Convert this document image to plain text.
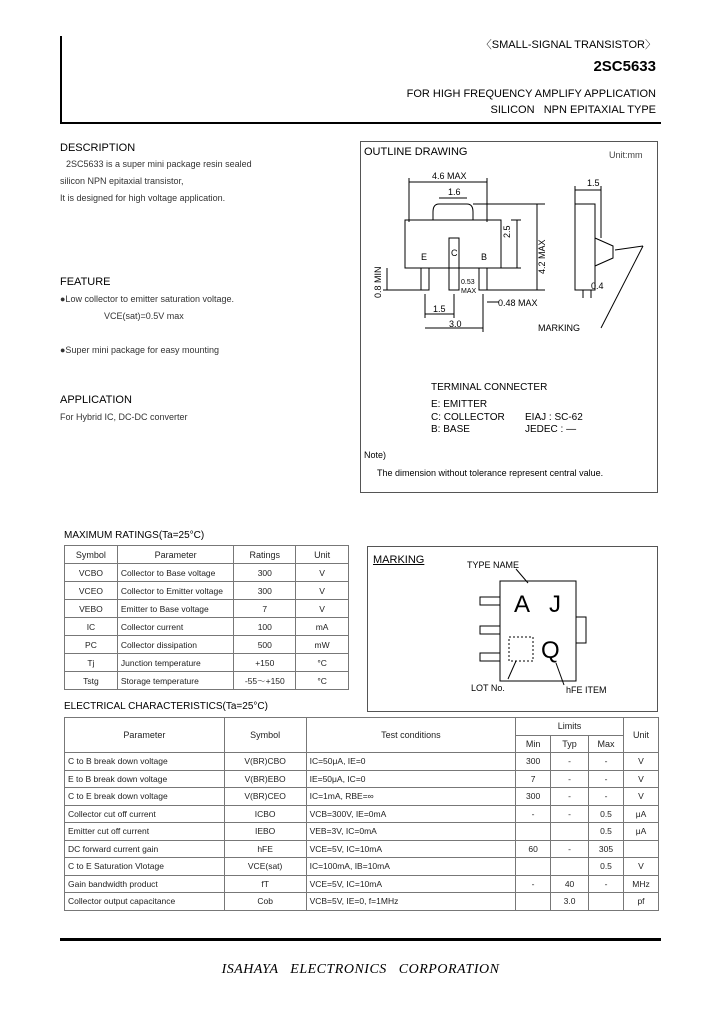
〈SMALL-SIGNAL TRANSISTOR〉
2SC5633
FOR HIGH FREQUENCY AMPLIFY APPLICATION
SILICON   NPN EPITAXIAL TYPE
DESCRIPTION
2SC5633 is a super mini package resin sealed
silicon NPN epitaxial transistor,
It is designed for high voltage application.
FEATURE
●Low collector to emitter saturation voltage.
VCE(sat)=0.5V max
●Super mini package for easy mounting
APPLICATION
For Hybrid IC, DC-DC converter
OUTLINE DRAWING	Unit:mm
4.6 MAX
1.6
1.5
2.5
4.2 MAX
0.8 MIN
E	C	B
0.53
MAX
0.48 MAX
0.4
1.5
3.0	MARKING
TERMINAL CONNECTER
E: EMITTER
C: COLLECTOR
B: BASE
EIAJ : SC-62
JEDEC : ―
Note)
The dimension without tolerance represent central value.
MAXIMUM RATINGS(Ta=25°C)
Symbol	Parameter	Ratings	Unit
VCBO	Collector to Base voltage	300	V
VCEO	Collector to Emitter voltage	300	V
VEBO	Emitter to Base voltage	7	V
IC	Collector current	100	mA
PC	Collector dissipation	500	mW
Tj	Junction temperature	+150	°C
Tstg	Storage temperature	-55～+150	°C
MARKING	TYPE NAME
A J
Q
LOT No.	hFE ITEM
ELECTRICAL CHARACTERISTICS(Ta=25°C)
Parameter	Symbol	Test conditions	Limits			Unit
			Min	Typ	Max	
C to B break down voltage	V(BR)CBO	IC=50μA, IE=0	300	-	-	V
E to B break down voltage	V(BR)EBO	IE=50μA, IC=0	7	-	-	V
C to E break down voltage	V(BR)CEO	IC=1mA, RBE=∞	300	-	-	V
Collector cut off current	ICBO	VCB=300V, IE=0mA	-	-	0.5	μA
Emitter cut off current	IEBO	VEB=3V, IC=0mA			0.5	μA
DC forward current gain	hFE	VCE=5V, IC=10mA	60	-	305	
C to E Saturation Vlotage	VCE(sat)	IC=100mA, IB=10mA			0.5	V
Gain bandwidth product	fT	VCE=5V, IC=10mA	-	40	-	MHz
Collector output capacitance	Cob	VCB=5V, IE=0, f=1MHz		3.0		pf
ISAHAYA   ELECTRONICS   CORPORATION
